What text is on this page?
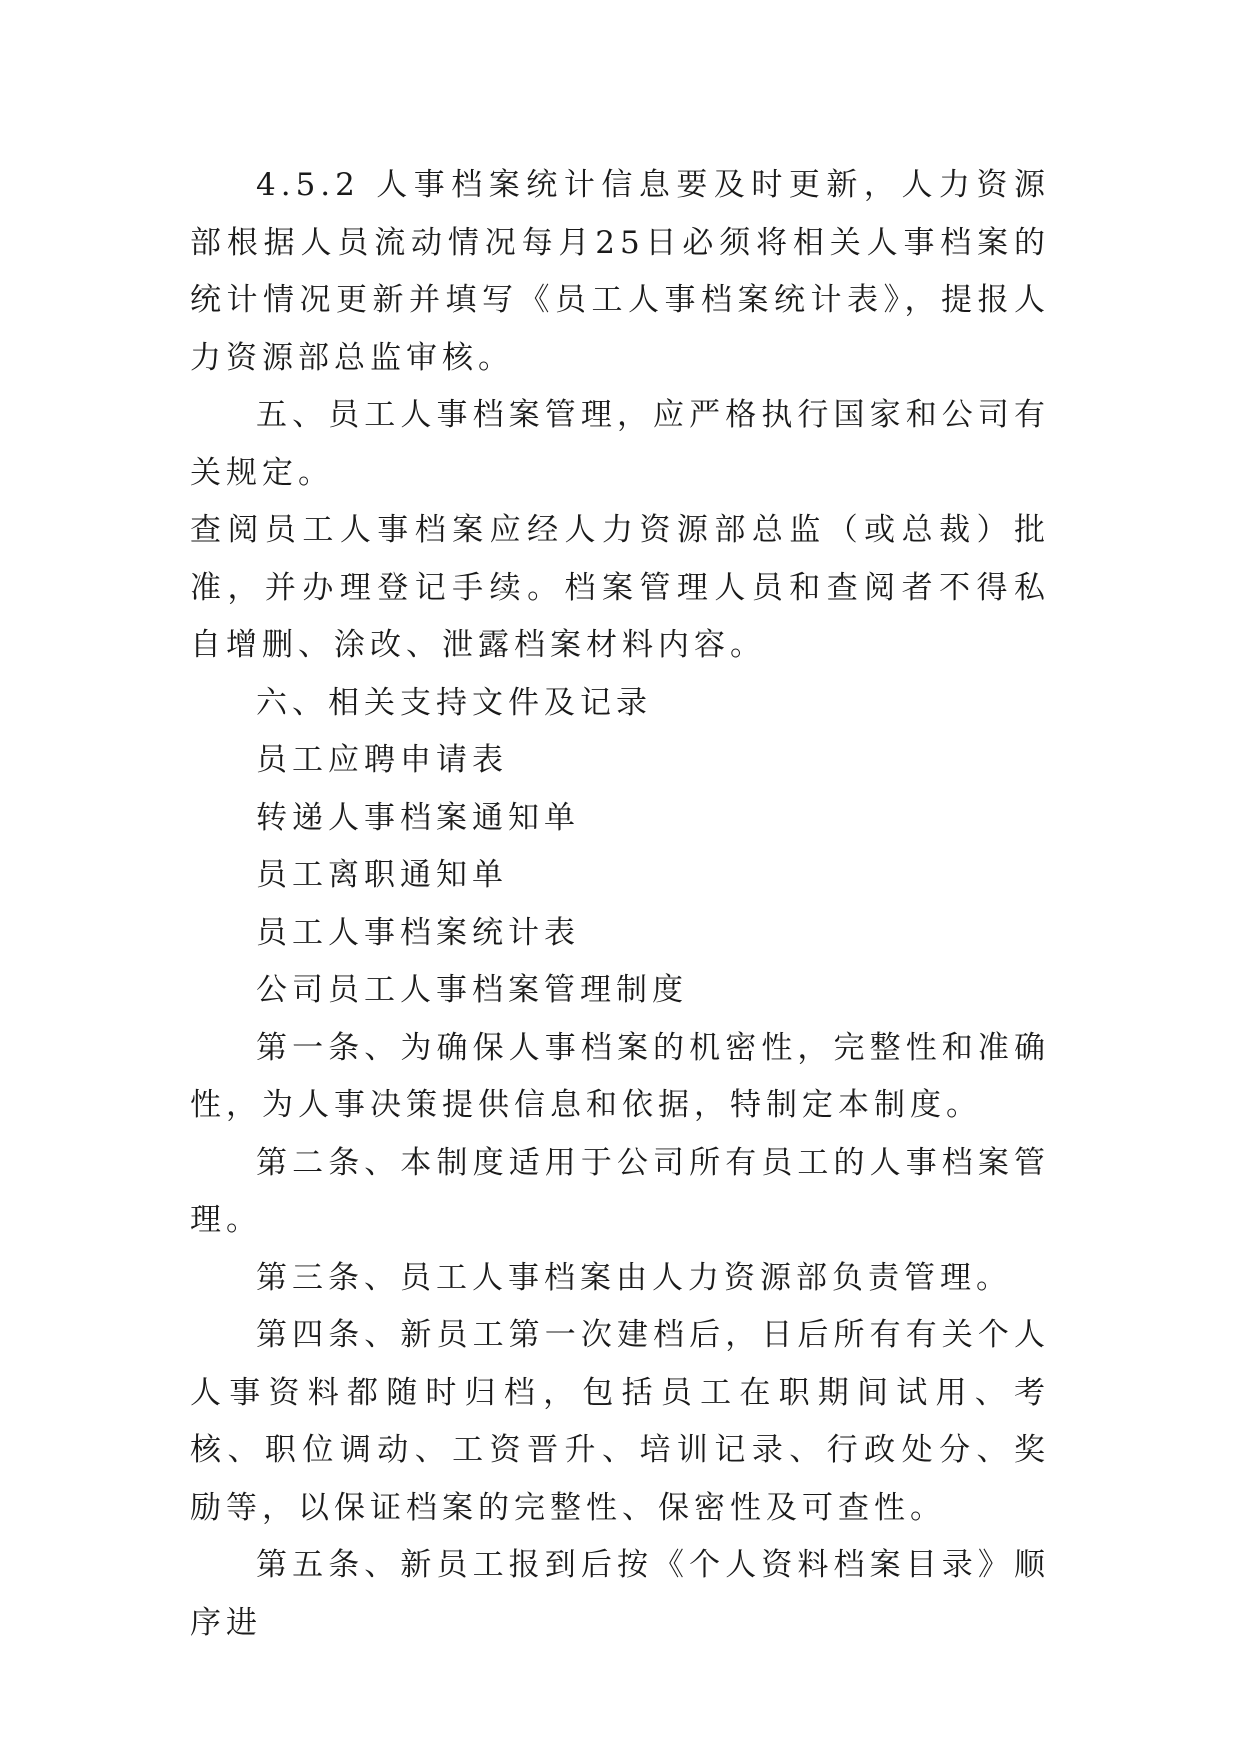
4.5.2 人事档案统计信息要及时更新，人力资源部根据人员流动情况每月25日必须将相关人事档案的统计情况更新并填写《员工人事档案统计表》，提报人力资源部总监审核。

五、员工人事档案管理，应严格执行国家和公司有关规定。

查阅员工人事档案应经人力资源部总监（或总裁）批准，并办理登记手续。档案管理人员和查阅者不得私自增删、涂改、泄露档案材料内容。

六、相关支持文件及记录

员工应聘申请表

转递人事档案通知单

员工离职通知单

员工人事档案统计表

公司员工人事档案管理制度

第一条、为确保人事档案的机密性，完整性和准确性，为人事决策提供信息和依据，特制定本制度。

第二条、本制度适用于公司所有员工的人事档案管理。

第三条、员工人事档案由人力资源部负责管理。

第四条、新员工第一次建档后，日后所有有关个人人事资料都随时归档，包括员工在职期间试用、考核、职位调动、工资晋升、培训记录、行政处分、奖励等，以保证档案的完整性、保密性及可查性。

第五条、新员工报到后按《个人资料档案目录》顺序进
